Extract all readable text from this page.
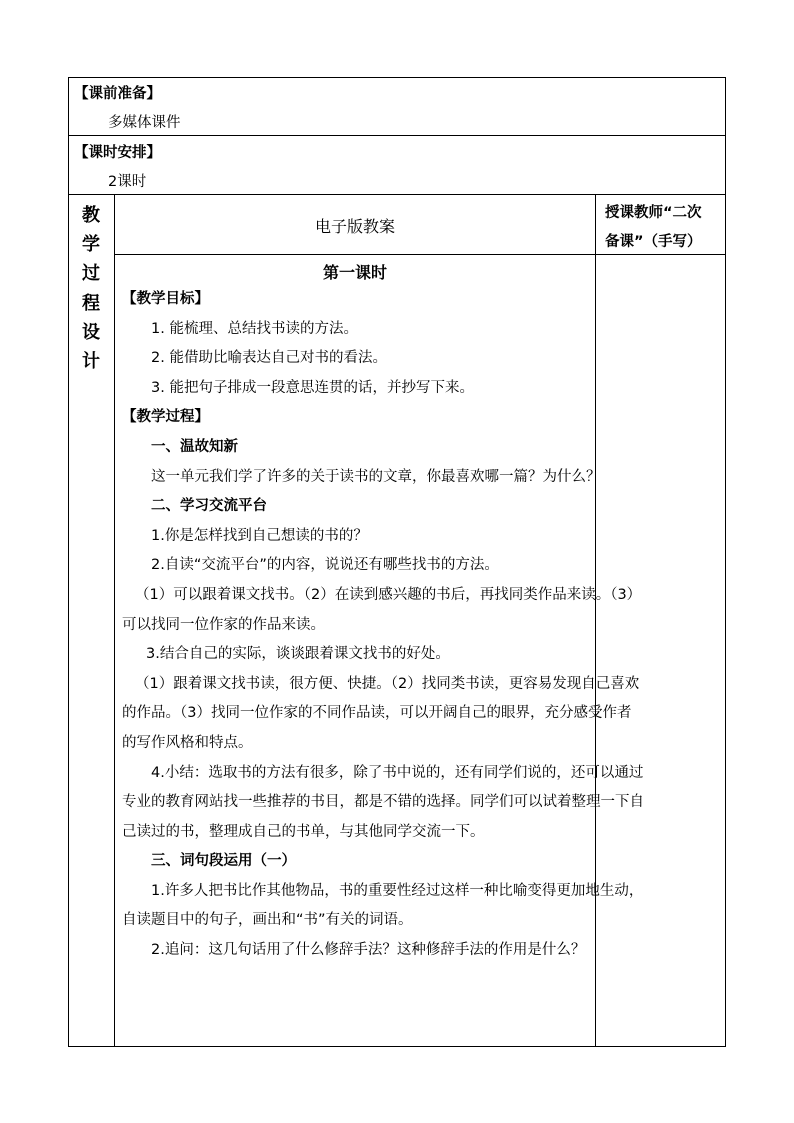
【课前准备】
多媒体课件
【课时安排】
2课时
教
学
过
程
设
计
电子版教案
授课教师“二次
备课”（手写）
第一课时

【教学目标】

1. 能梳理、总结找书读的方法。

2. 能借助比喻表达自己对书的看法。

3. 能把句子排成一段意思连贯的话，并抄写下来。

【教学过程】

一、温故知新

这一单元我们学了许多的关于读书的文章，你最喜欢哪一篇？为什么？

二、学习交流平台

1.你是怎样找到自己想读的书的？

2.自读“交流平台”的内容，说说还有哪些找书的方法。

（1）可以跟着课文找书。（2）在读到感兴趣的书后，再找同类作品来读。（3）可以找同一位作家的作品来读。

3.结合自己的实际，谈谈跟着课文找书的好处。

（1）跟着课文找书读，很方便、快捷。（2）找同类书读，更容易发现自己喜欢的作品。（3）找同一位作家的不同作品读，可以开阔自己的眼界，充分感受作者的写作风格和特点。

4.小结：选取书的方法有很多，除了书中说的，还有同学们说的，还可以通过专业的教育网站找一些推荐的书目，都是不错的选择。同学们可以试着整理一下自己读过的书，整理成自己的书单，与其他同学交流一下。

三、词句段运用（一）

1.许多人把书比作其他物品，书的重要性经过这样一种比喻变得更加地生动，自读题目中的句子，画出和“书”有关的词语。

2.追问：这几句话用了什么修辞手法？这种修辞手法的作用是什么？
